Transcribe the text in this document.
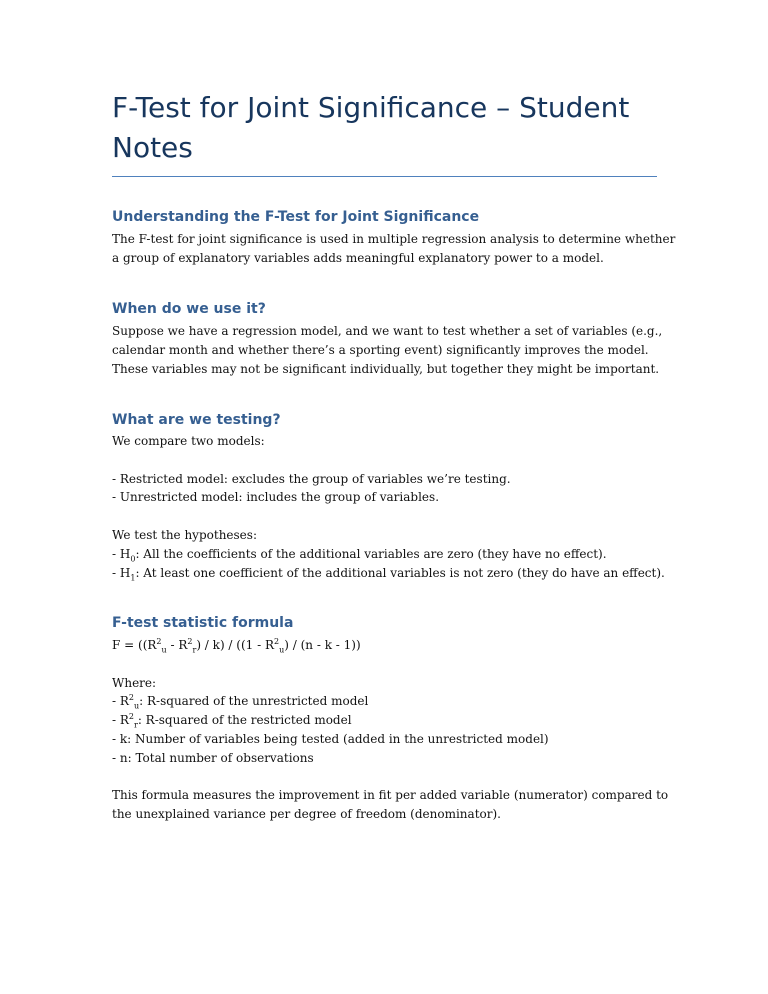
F-Test for Joint Significance – Student Notes
Understanding the F-Test for Joint Significance
The F-test for joint significance is used in multiple regression analysis to determine whether
a group of explanatory variables adds meaningful explanatory power to a model.
When do we use it?
Suppose we have a regression model, and we want to test whether a set of variables (e.g.,
calendar month and whether there’s a sporting event) significantly improves the model.
These variables may not be significant individually, but together they might be important.
What are we testing?
We compare two models:
- Restricted model: excludes the group of variables we’re testing.
- Unrestricted model: includes the group of variables.
We test the hypotheses:
- $H_0$: All the coefficients of the additional variables are zero (they have no effect).
- $H_1$: At least one coefficient of the additional variables is not zero (they do have an effect).
F-test statistic formula
$F = ((R^2_u - R^2_r) / k) / ((1 - R^2_u) / (n - k - 1))$
Where:
- $R^2_u$: R-squared of the unrestricted model
- $R^2_r$: R-squared of the restricted model
- k: Number of variables being tested (added in the unrestricted model)
- n: Total number of observations
This formula measures the improvement in fit per added variable (numerator) compared to
the unexplained variance per degree of freedom (denominator).
